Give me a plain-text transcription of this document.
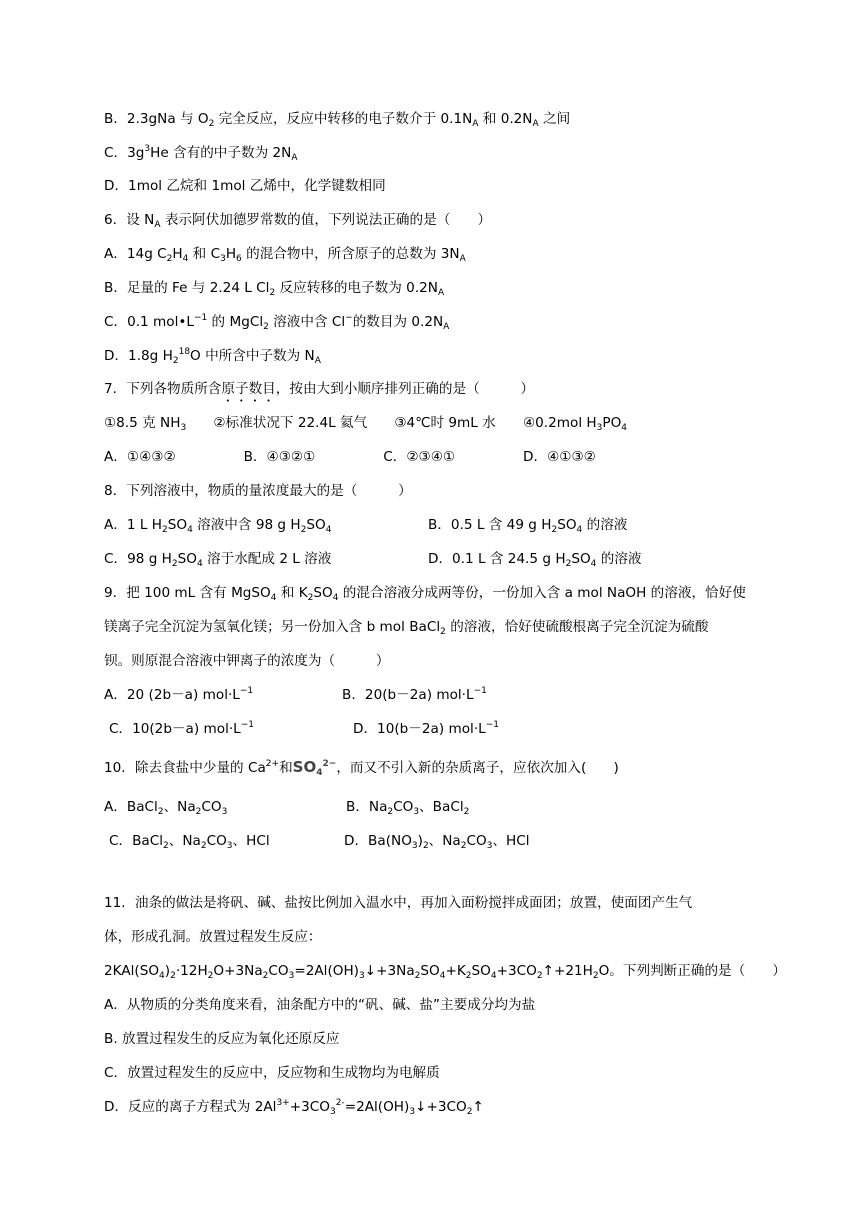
B．2.3gNa 与 $O_2$ 完全反应，反应中转移的电子数介于 $0.1N_A$ 和 $0.2N_A$ 之间
C．$3g^3He$ 含有的中子数为 $2N_A$
D．1mol 乙烷和 1mol 乙烯中，化学键数相同
6．设 $N_A$ 表示阿伏加德罗常数的值，下列说法正确的是（　　）
A．14g $C_2H_4$ 和 $C_3H_6$ 的混合物中，所含原子的总数为 $3N_A$
B．足量的 Fe 与 2.24 L $Cl_2$ 反应转移的电子数为 $0.2N_A$
C．0.1 $mol•L^{-1}$ 的 MgCl$_2$ 溶液中含 Cl−的数目为 $0.2N_A$
D．1.8g $H_2^{18}O$ 中所含中子数为 $N_A$
7．下列各物质所含原子数目，按由大到小顺序排列正确的是（　　　）
①8.5 克 $NH_3$　　②标准状况下 22.4L 氦气　　③4℃时 9mL 水　　④0.2mol $H_3PO_4$
A．①④③②　　　　　B．④③②①　　　　　C．②③④①　　　　　D．④①③②
8．下列溶液中，物质的量浓度最大的是（　　　）
9．把 100 mL 含有 MgSO$_4$ 和 $K_2SO_4$ 的混合溶液分成两等份，一份加入含 a mol NaOH 的溶液，恰好使
镁离子完全沉淀为氢氧化镁；另一份加入含 b mol BaCl$_2$ 的溶液，恰好使硫酸根离子完全沉淀为硫酸
钡。则原混合溶液中钾离子的浓度为（　　　）
10．除去食盐中少量的 $Ca^{2+}$和$SO_4^{2-}$，而又不引入新的杂质离子，应依次加入(　　)
11．油条的做法是将矾、碱、盐按比例加入温水中，再加入面粉搅拌成面团；放置，使面团产生气
体，形成孔洞。放置过程发生反应：
$2KAl(SO_4)_2\cdot 12H_2O+3Na_2CO_3=2Al(OH)_3↓+3Na_2SO_4+K_2SO_4+3CO_2↑+21H_2O$。下列判断正确的是（　　）
A．从物质的分类角度来看，油条配方中的“矾、碱、盐”主要成分均为盐
B. 放置过程发生的反应为氧化还原反应
C．放置过程发生的反应中，反应物和生成物均为电解质
D．反应的离子方程式为 $2Al^{3+}+3CO_3^{2-}=2Al(OH)_3↓+3CO_2↑$
A．1 L $H_2SO_4$ 溶液中含 98 g $H_2SO_4$	B．0.5 L 含 49 g $H_2SO_4$ 的溶液
C．98 g $H_2SO_4$ 溶于水配成 2 L 溶液	D．0.1 L 含 24.5 g $H_2SO_4$ 的溶液
A．20 (2b－a) $mol\cdot L^{-1}$	B．20(b－2a) $mol\cdot L^{-1}$
C．10(2b－a) $mol\cdot L^{-1}$	D．10(b－2a) $mol\cdot L^{-1}$
A．BaCl$_2$、$Na_2CO_3$	B．$Na_2CO_3$、BaCl$_2$
C．BaCl$_2$、$Na_2CO_3$、HCl	D．$Ba(NO_3)_2$、$Na_2CO_3$、HCl
